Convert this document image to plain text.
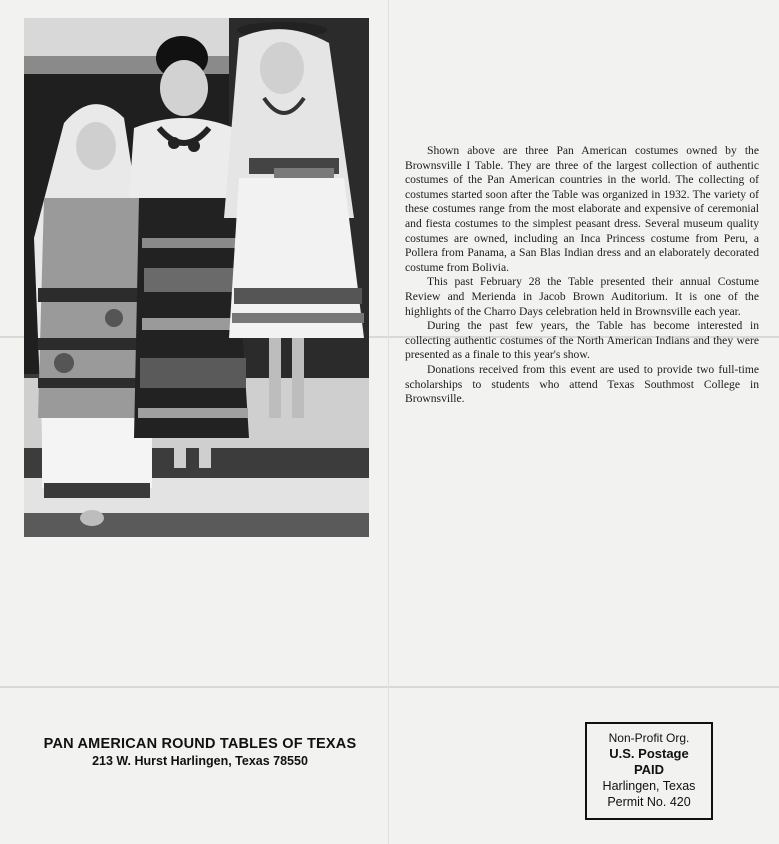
Shown above are three Pan American costumes owned by the Brownsville I Table. They are three of the largest collection of authentic costumes of the Pan American countries in the world. The collecting of costumes started soon after the Table was organized in 1932. The variety of these costumes range from the most elaborate and expensive of ceremonial and fiesta costumes to the simplest peasant dress. Several museum quality costumes are owned, including an Inca Princess costume from Peru, a Pollera from Panama, a San Blas Indian dress and an elaborately decorated costume from Bolivia.

This past February 28 the Table presented their annual Costume Review and Merienda in Jacob Brown Auditorium. It is one of the highlights of the Charro Days celebration held in Brownsville each year.

During the past few years, the Table has become interested in collecting authentic costumes of the North American Indians and they were presented as a finale to this year's show.

Donations received from this event are used to provide two full-time scholarships to students who attend Texas Southmost College in Brownsville.

PAN AMERICAN ROUND TABLES OF TEXAS
213 W. Hurst Harlingen, Texas 78550
Non-Profit Org.
U.S. Postage
PAID
Harlingen, Texas
Permit No. 420
